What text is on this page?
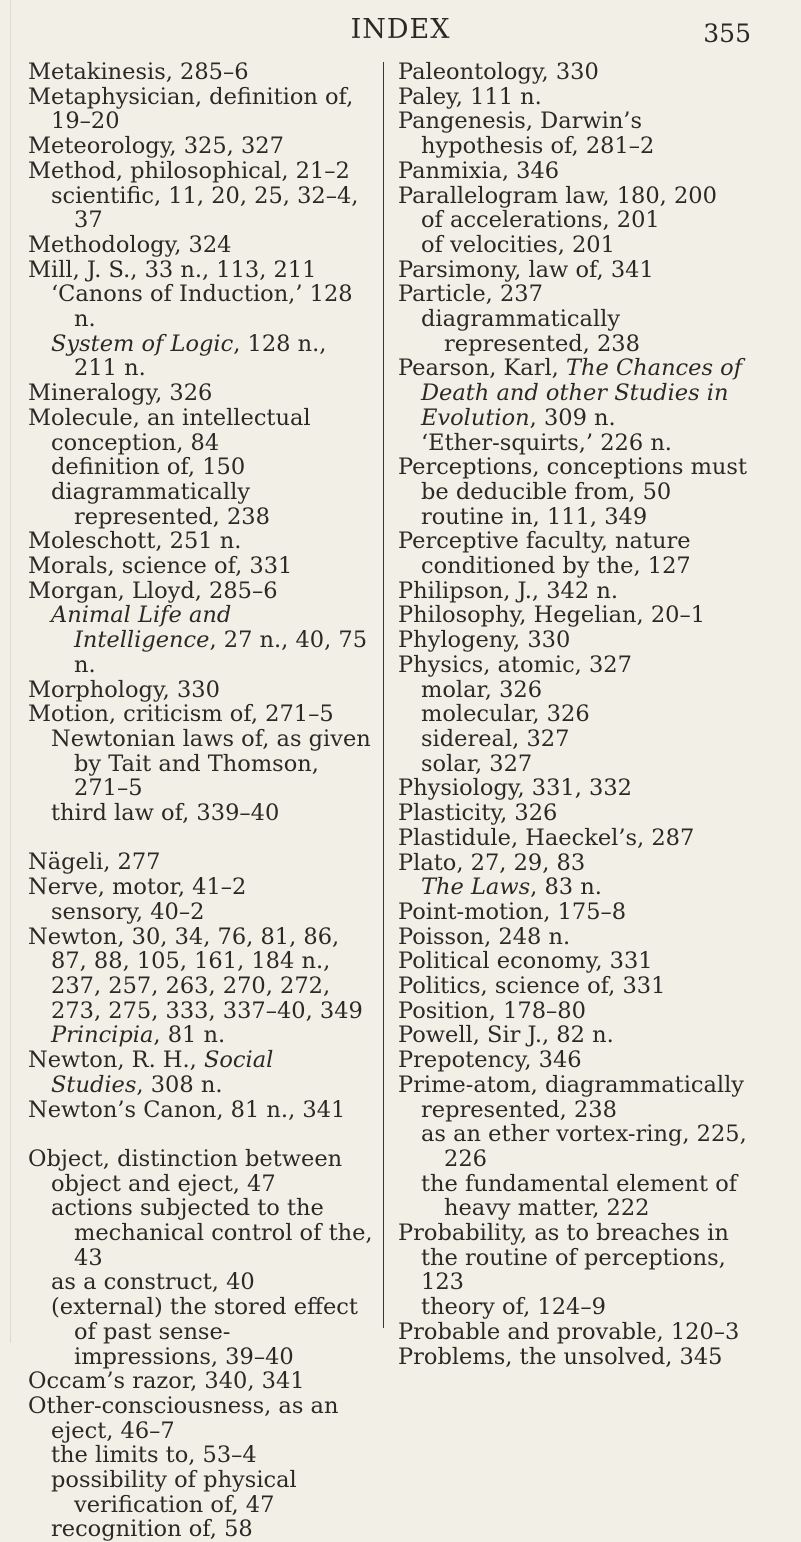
INDEX	355
Metakinesis, 285–6
Metaphysician, definition of, 19–20
Meteorology, 325, 327
Method, philosophical, 21–2
scientific, 11, 20, 25, 32–4, 37
Methodology, 324
Mill, J. S., 33 n., 113, 211
‘Canons of Induction,’ 128 n.
System of Logic, 128 n., 211 n.
Mineralogy, 326
Molecule, an intellectual conception, 84
definition of, 150
diagrammatically represented, 238
Moleschott, 251 n.
Morals, science of, 331
Morgan, Lloyd, 285–6
Animal Life and Intelligence, 27 n., 40, 75 n.
Morphology, 330
Motion, criticism of, 271–5
Newtonian laws of, as given by Tait and Thomson, 271–5
third law of, 339–40
Nägeli, 277
Nerve, motor, 41–2
sensory, 40–2
Newton, 30, 34, 76, 81, 86, 87, 88, 105, 161, 184 n., 237, 257, 263, 270, 272, 273, 275, 333, 337–40, 349
Principia, 81 n.
Newton, R. H., Social Studies, 308 n.
Newton’s Canon, 81 n., 341
Object, distinction between object and eject, 47
actions subjected to the mechanical control of the, 43
as a construct, 40
(external) the stored effect of past sense-impressions, 39–40
Occam’s razor, 340, 341
Other-consciousness, as an eject, 46–7
the limits to, 53–4
possibility of physical verification of, 47
recognition of, 58
Paleontology, 330
Paley, 111 n.
Pangenesis, Darwin’s hypothesis of, 281–2
Panmixia, 346
Parallelogram law, 180, 200
of accelerations, 201
of velocities, 201
Parsimony, law of, 341
Particle, 237
diagrammatically represented, 238
Pearson, Karl, The Chances of Death and other Studies in Evolution, 309 n.
‘Ether-squirts,’ 226 n.
Perceptions, conceptions must be deducible from, 50
routine in, 111, 349
Perceptive faculty, nature conditioned by the, 127
Philipson, J., 342 n.
Philosophy, Hegelian, 20–1
Phylogeny, 330
Physics, atomic, 327
molar, 326
molecular, 326
sidereal, 327
solar, 327
Physiology, 331, 332
Plasticity, 326
Plastidule, Haeckel’s, 287
Plato, 27, 29, 83
The Laws, 83 n.
Point-motion, 175–8
Poisson, 248 n.
Political economy, 331
Politics, science of, 331
Position, 178–80
Powell, Sir J., 82 n.
Prepotency, 346
Prime-atom, diagrammatically represented, 238
as an ether vortex-ring, 225, 226
the fundamental element of heavy matter, 222
Probability, as to breaches in the routine of perceptions, 123
theory of, 124–9
Probable and provable, 120–3
Problems, the unsolved, 345
